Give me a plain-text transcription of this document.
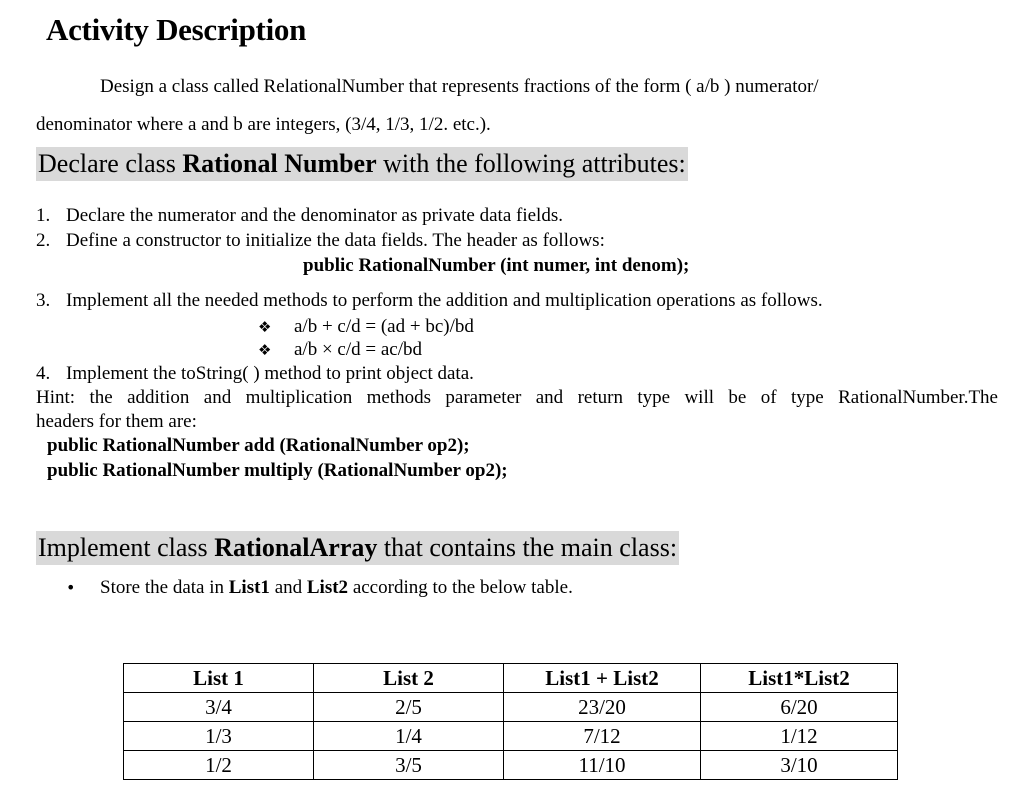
Activity Description
Design a class called RelationalNumber that represents fractions of the form ( a/b ) numerator/
denominator where a and b are integers, (3/4, 1/3, 1/2. etc.).
Declare class Rational Number with the following attributes:
1. Declare the numerator and the denominator as private data fields.
2. Define a constructor to initialize the data fields. The header as follows:
public RationalNumber (int numer, int denom);
3. Implement all the needed methods to perform the addition and multiplication operations as follows.
❖ a/b + c/d = (ad + bc)/bd
❖ a/b × c/d = ac/bd
4. Implement the toString( ) method to print object data.
Hint: the addition and multiplication methods parameter and return type will be of type RationalNumber.The
headers for them are:
public RationalNumber add (RationalNumber op2);
public RationalNumber multiply (RationalNumber op2);
Implement class RationalArray that contains the main class:
• Store the data in List1 and List2 according to the below table.
List 1	List 2	List1 + List2	List1*List2
3/4	2/5	23/20	6/20
1/3	1/4	7/12	1/12
1/2	3/5	11/10	3/10
